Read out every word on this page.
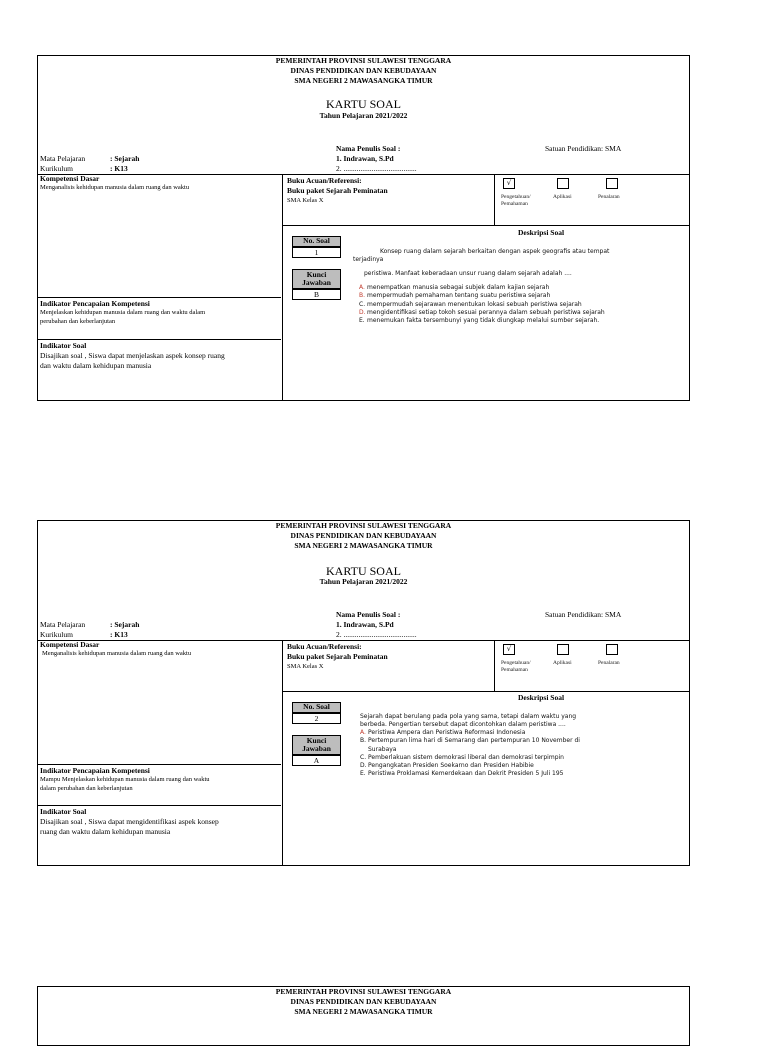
PEMERINTAH PROVINSI SULAWESI TENGGARA
DINAS PENDIDIKAN DAN KEBUDAYAAN
SMA NEGERI 2 MAWASANGKA TIMUR
KARTU SOAL
Tahun Pelajaran 2021/2022
Nama Penulis Soal :
1. Indrawan, S.Pd
2. .......................................
Satuan Pendidikan: SMA
Mata Pelajaran	: Sejarah
Kurikulum	: K13
Kompetensi Dasar
Menganalisis kehidupan manusia dalam ruang dan waktu
Buku Acuan/Referensi:
Buku paket Sejarah Peminatan
SMA Kelas X
√
Pengetahuan/
Pemahaman
Aplikasi	Penalaran
Deskripsi Soal
No. Soal
1
Kunci
Jawaban
B
Konsep ruang dalam sejarah berkaitan dengan aspek geografis atau tempat
terjadinya
peristiwa. Manfaat keberadaan unsur ruang dalam sejarah adalah ....
A. menempatkan manusia sebagai subjek dalam kajian sejarah
B. mempermudah pemahaman tentang suatu peristiwa sejarah
C. mempermudah sejarawan menentukan lokasi sebuah peristiwa sejarah
D. mengidentifikasi setiap tokoh sesuai perannya dalam sebuah peristiwa sejarah
E. menemukan fakta tersembunyi yang tidak diungkap melalui sumber sejarah.
Indikator Pencapaian Kompetensi
Menjelaskan kehidupan manusia dalam ruang dan waktu dalam
perubahan dan keberlanjutan
Indikator Soal
Disajikan soal , Siswa dapat menjelaskan aspek konsep ruang
dan waktu dalam kehidupan manusia
PEMERINTAH PROVINSI SULAWESI TENGGARA
DINAS PENDIDIKAN DAN KEBUDAYAAN
SMA NEGERI 2 MAWASANGKA TIMUR
KARTU SOAL
Tahun Pelajaran 2021/2022
Nama Penulis Soal :
1. Indrawan, S.Pd
2. .......................................
Satuan Pendidikan: SMA
Mata Pelajaran	: Sejarah
Kurikulum	: K13
Kompetensi Dasar
Menganalisis kehidupan manusia dalam ruang dan waktu
Buku Acuan/Referensi:
Buku paket Sejarah Peminatan
SMA Kelas X
√
Pengetahuan/
Pemahaman
Aplikasi	Penalaran
Deskripsi Soal
No. Soal
2
Kunci
Jawaban
A
Sejarah dapat berulang pada pola yang sama, tetapi dalam waktu yang
berbeda. Pengertian tersebut dapat dicontohkan dalam peristiwa ....
A. Peristiwa Ampera dan Peristiwa Reformasi Indonesia
B. Pertempuran lima hari di Semarang dan pertempuran 10 November di
Surabaya
C. Pemberlakuan sistem demokrasi liberal dan demokrasi terpimpin
D. Pengangkatan Presiden Soekarno dan Presiden Habibie
E. Peristiwa Proklamasi Kemerdekaan dan Dekrit Presiden 5 Juli 195
Indikator Pencapaian Kompetensi
Mampu Menjelaskan kehidupan manusia dalam ruang dan waktu
dalam perubahan dan keberlanjutan
Indikator Soal
Disajikan soal , Siswa dapat mengidentifikasi aspek konsep
ruang dan waktu dalam kehidupan manusia
PEMERINTAH PROVINSI SULAWESI TENGGARA
DINAS PENDIDIKAN DAN KEBUDAYAAN
SMA NEGERI 2 MAWASANGKA TIMUR
